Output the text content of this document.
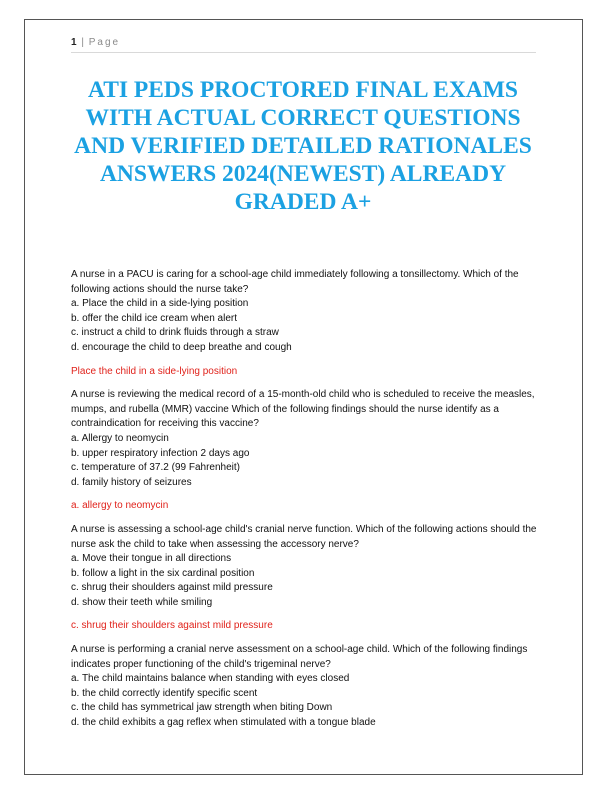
1 | Page
ATI PEDS PROCTORED FINAL EXAMS WITH ACTUAL CORRECT QUESTIONS AND VERIFIED DETAILED RATIONALES ANSWERS 2024(NEWEST) ALREADY GRADED A+

A nurse in a PACU is caring for a school-age child immediately following a tonsillectomy. Which of the following actions should the nurse take?

a. Place the child in a side-lying position
b. offer the child ice cream when alert
c. instruct a child to drink fluids through a straw
d. encourage the child to deep breathe and cough

Place the child in a side-lying position

A nurse is reviewing the medical record of a 15-month-old child who is scheduled to receive the measles, mumps, and rubella (MMR) vaccine Which of the following findings should the nurse identify as a contraindication for receiving this vaccine?

a. Allergy to neomycin
b. upper respiratory infection 2 days ago
c. temperature of 37.2 (99 Fahrenheit)
d. family history of seizures

a. allergy to neomycin

A nurse is assessing a school-age child's cranial nerve function. Which of the following actions should the nurse ask the child to take when assessing the accessory nerve?

a. Move their tongue in all directions
b. follow a light in the six cardinal position
c. shrug their shoulders against mild pressure
d. show their teeth while smiling

c. shrug their shoulders against mild pressure

A nurse is performing a cranial nerve assessment on a school-age child. Which of the following findings indicates proper functioning of the child's trigeminal nerve?

a. The child maintains balance when standing with eyes closed
b. the child correctly identify specific scent
c. the child has symmetrical jaw strength when biting Down
d. the child exhibits a gag reflex when stimulated with a tongue blade
